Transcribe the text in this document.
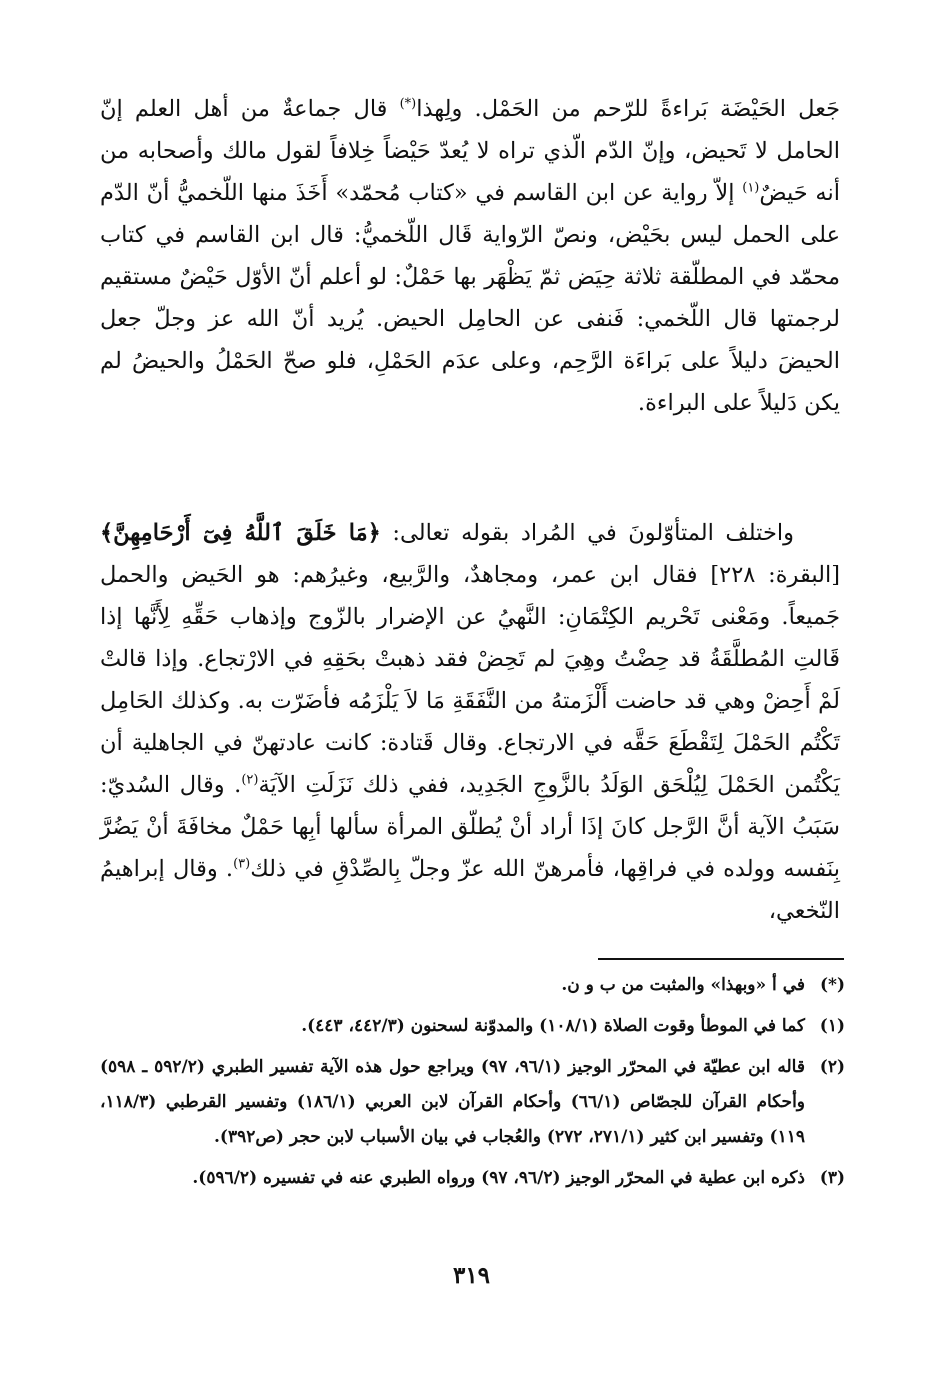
جَعل الحَيْضَة بَراءةً للرّحم من الحَمْل. ولِهذا(*) قال جماعةٌ من أهل العلم إنّ الحامل لا تَحيض، وإنّ الدّم الّذي تراه لا يُعدّ حَيْضاً خِلافاً لقول مالك وأصحابه من أنه حَيضٌ$^{(١)}$ إلاّ رواية عن ابن القاسم في «كتاب مُحمّد» أَخَذَ منها اللّخميُّ أنّ الدّم على الحمل ليس بحَيْض، ونصّ الرّواية قَال اللّخميُّ: قال ابن القاسم في كتاب محمّد في المطلّقة ثلاثة حِيَض ثمّ يَظْهَر بها حَمْلٌ: لو أعلم أنّ الأوّل حَيْضٌ مستقيم لرجمتها قال اللّخمي: فَنفى عن الحامِل الحيض. يُريد أنّ الله عز وجلّ جعل الحيضَ دليلاً على بَراءَة الرَّحِم، وعلى عدَم الحَمْلِ، فلو صحّ الحَمْلُ والحيضُ لم يكن دَليلاً على البراءة.

واختلف المتأوّلونَ في المُراد بقوله تعالى: ﴿مَا خَلَقَ ٱللَّهُ فِىٓ أَرْحَامِهِنَّ﴾ [البقرة: ٢٢٨] فقال ابن عمر، ومجاهدٌ، والرَّبيع، وغيرُهم: هو الحَيض والحمل جَميعاً. ومَعْنى تَحْريم الكِتْمَانِ: النَّهيُ عن الإضرار بالزّوج وإذهاب حَقِّهِ لِأَنَّها إذا قَالتِ المُطلَّقَةُ قد حِضْتُ وهِيَ لم تَحِضْ فقد ذهبتْ بحَقِهِ في الارْتجاع. وإذا قالتْ لَمْ أَحِضْ وهي قد حاضت أَلْزَمتهُ من النَّفَقَةِ مَا لاَ يَلْزَمُه فأضَرّت به. وكذلك الحَامِل تَكْتُم الحَمْلَ لِتَقْطَعَ حَقَّه في الارتجاع. وقال قَتادة: كانت عادتهنّ في الجاهلية أن يَكْتُمن الحَمْلَ لِيُلْحَق الوَلَدُ بالزَّوجِ الجَدِيد، ففي ذلك نَزَلَتِ الآيَة$^{(٢)}$. وقال السُديّ: سَبَبُ الآية أنَّ الرَّجل كانَ إذَا أراد أنْ يُطلّق المرأة سألها أبِها حَمْلٌ مخافَةَ أنْ يَضُرَّ بِنَفسه وولده في فراقِها، فأمرهنّ الله عزّ وجلّ بِالصِّدْقِ في ذلك$^{(٣)}$. وقال إبراهيمُ النّخعي،

(*)
في أ «وبهذا» والمثبت من ب و ن.
(١)
كما في الموطأ وقوت الصلاة (١٠٨/١) والمدوّنة لسحنون (٤٤٢/٣، ٤٤٣).
(٢)
قاله ابن عطيّة في المحرّر الوجيز (٩٦/١، ٩٧) ويراجع حول هذه الآية تفسير الطبري (٥٩٢/٢ ـ ٥٩٨) وأحكام القرآن للجصّاص (٦٦/١) وأحكام القرآن لابن العربي (١٨٦/١) وتفسير القرطبي (١١٨/٣، ١١٩) وتفسير ابن كثير (٢٧١/١، ٢٧٢) والعُجاب في بيان الأسباب لابن حجر (ص٣٩٢).
(٣)
ذكره ابن عطية في المحرّر الوجيز (٩٦/٢، ٩٧) ورواه الطبري عنه في تفسيره (٥٩٦/٢).
٣١٩
